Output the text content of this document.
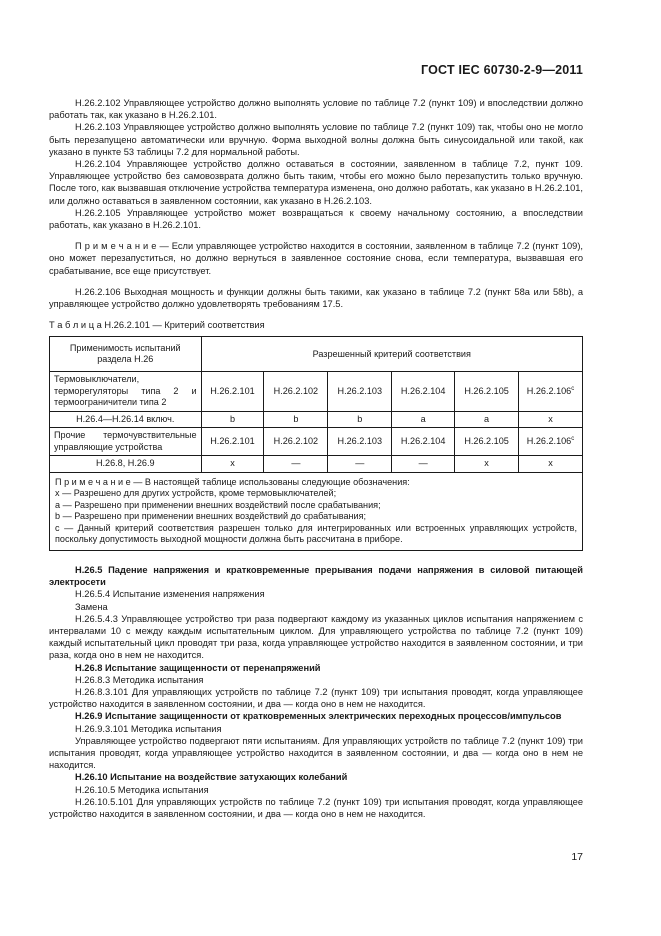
ГОСТ IEC 60730-2-9—2011

H.26.2.102 Управляющее устройство должно выполнять условие по таблице 7.2 (пункт 109) и впоследствии должно работать так, как указано в H.26.2.101.

H.26.2.103 Управляющее устройство должно выполнять условие по таблице 7.2 (пункт 109) так, чтобы оно не могло быть перезапущено автоматически или вручную. Форма выходной волны должна быть синусоидальной или такой, как указано в пункте 53 таблицы 7.2 для нормальной работы.

H.26.2.104 Управляющее устройство должно оставаться в состоянии, заявленном в таблице 7.2, пункт 109. Управляющее устройство без самовозврата должно быть таким, чтобы его можно было перезапустить только вручную. После того, как вызвавшая отключение устройства температура изменена, оно должно работать, как указано в H.26.2.101, или должно оставаться в заявленном состоянии, как указано в H.26.2.103.

H.26.2.105 Управляющее устройство может возвращаться к своему начальному состоянию, а впоследствии работать, как указано в H.26.2.101.

П р и м е ч а н и е — Если управляющее устройство находится в состоянии, заявленном в таблице 7.2 (пункт 109), оно может перезапуститься, но должно вернуться в заявленное состояние снова, если температура, вызвавшая его срабатывание, все еще присутствует.

H.26.2.106 Выходная мощность и функции должны быть такими, как указано в таблице 7.2 (пункт 58а или 58b), а управляющее устройство должно удовлетворять требованиям 17.5.

Т а б л и ц а H.26.2.101 — Критерий соответствия

Применимость испытаний раздела H.26	Разрешенный критерий соответствия					
Термовыключатели, терморегуляторы типа 2 и термоограничители типа 2	H.26.2.101	H.26.2.102	H.26.2.103	H.26.2.104	H.26.2.105	H.26.2.106$^c$
H.26.4—H.26.14 включ.	b	b	b	a	a	x
Прочие термочувствительные управляющие устройства	H.26.2.101	H.26.2.102	H.26.2.103	H.26.2.104	H.26.2.105	H.26.2.106$^c$
H.26.8, H.26.9	x	—	—	—	x	x

П р и м е ч а н и е — В настоящей таблице использованы следующие обозначения:
x — Разрешено для других устройств, кроме термовыключателей;
a — Разрешено при применении внешних воздействий после срабатывания;
b — Разрешено при применении внешних воздействий до срабатывания;
c — Данный критерий соответствия разрешен только для интегрированных или встроенных управляющих устройств, поскольку допустимость выходной мощности должна быть рассчитана в приборе.						

H.26.5 Падение напряжения и кратковременные прерывания подачи напряжения в силовой питающей электросети

H.26.5.4 Испытание изменения напряжения

Замена

H.26.5.4.3 Управляющее устройство три раза подвергают каждому из указанных циклов испытания напряжением с интервалами 10 с между каждым испытательным циклом. Для управляющего устройства по таблице 7.2 (пункт 109) каждый испытательный цикл проводят три раза, когда управляющее устройство находится в заявленном состоянии, и три раза, когда оно в нем не находится.

H.26.8 Испытание защищенности от перенапряжений

H.26.8.3 Методика испытания

H.26.8.3.101 Для управляющих устройств по таблице 7.2 (пункт 109) три испытания проводят, когда управляющее устройство находится в заявленном состоянии, и два — когда оно в нем не находится.

H.26.9 Испытание защищенности от кратковременных электрических переходных процессов/импульсов

H.26.9.3.101 Методика испытания

Управляющее устройство подвергают пяти испытаниям. Для управляющих устройств по таблице 7.2 (пункт 109) три испытания проводят, когда управляющее устройство находится в заявленном состоянии, и два — когда оно в нем не находится.

H.26.10 Испытание на воздействие затухающих колебаний

H.26.10.5 Методика испытания

H.26.10.5.101 Для управляющих устройств по таблице 7.2 (пункт 109) три испытания проводят, когда управляющее устройство находится в заявленном состоянии, и два — когда оно в нем не находится.

17
